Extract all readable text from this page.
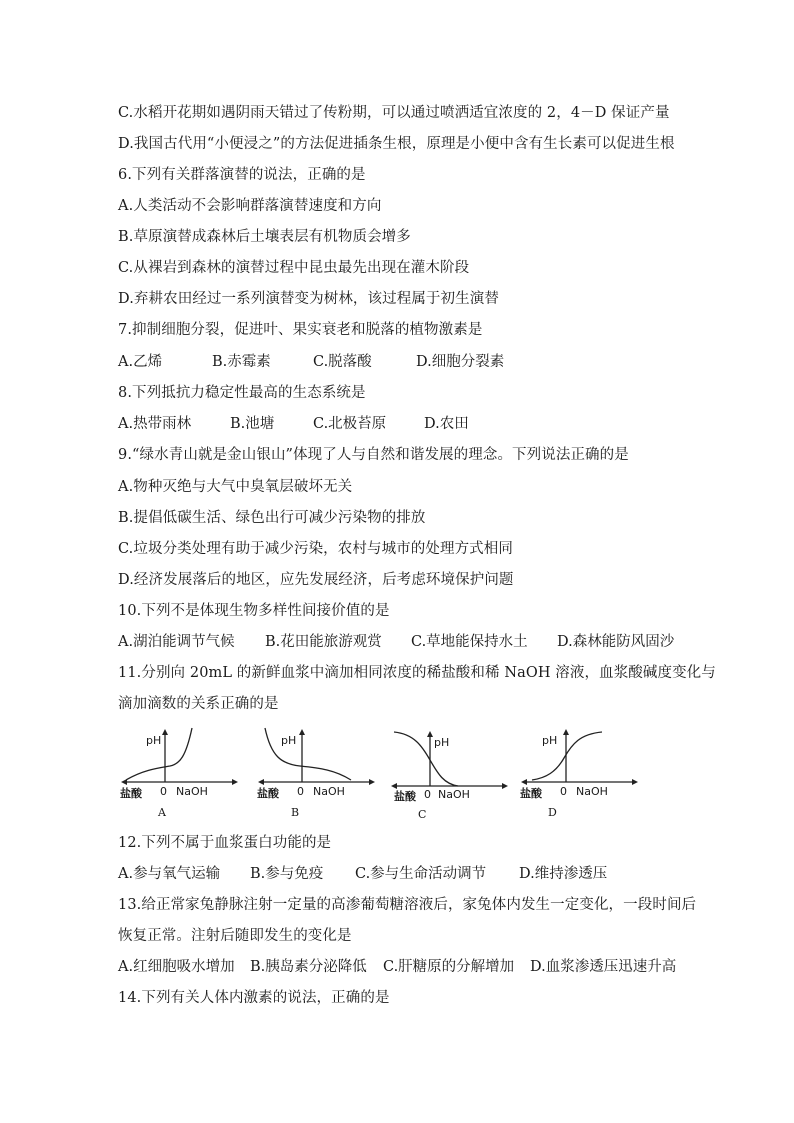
C.水稻开花期如遇阴雨天错过了传粉期，可以通过喷洒适宜浓度的 2，4－D 保证产量
D.我国古代用“小便浸之”的方法促进插条生根，原理是小便中含有生长素可以促进生根
6.下列有关群落演替的说法，正确的是
A.人类活动不会影响群落演替速度和方向
B.草原演替成森林后土壤表层有机物质会增多
C.从裸岩到森林的演替过程中昆虫最先出现在灌木阶段
D.弃耕农田经过一系列演替变为树林，该过程属于初生演替
7.抑制细胞分裂，促进叶、果实衰老和脱落的植物激素是
A.乙烯	B.赤霉素	C.脱落酸	D.细胞分裂素
8.下列抵抗力稳定性最高的生态系统是
A.热带雨林	B.池塘	C.北极苔原	D.农田
9.“绿水青山就是金山银山”体现了人与自然和谐发展的理念。下列说法正确的是
A.物种灭绝与大气中臭氧层破坏无关
B.提倡低碳生活、绿色出行可减少污染物的排放
C.垃圾分类处理有助于减少污染，农村与城市的处理方式相同
D.经济发展落后的地区，应先发展经济，后考虑环境保护问题
10.下列不是体现生物多样性间接价值的是
A.湖泊能调节气候 B.花田能旅游观赏 C.草地能保持水土 D.森林能防风固沙
11.分别向 20mL 的新鲜血浆中滴加相同浓度的稀盐酸和稀 NaOH 溶液，血浆酸碱度变化与
滴加滴数的关系正确的是
pH
盐酸 0 NaOH
A
pH
盐酸 0 NaOH
B
pH
盐酸 0 NaOH
C
pH
盐酸 0 NaOH
D
12.下列不属于血浆蛋白功能的是
A.参与氧气运输 B.参与免疫 C.参与生命活动调节 D.维持渗透压
13.给正常家兔静脉注射一定量的高渗葡萄糖溶液后，家兔体内发生一定变化，一段时间后
恢复正常。注射后随即发生的变化是
A.红细胞吸水增加 B.胰岛素分泌降低 C.肝糖原的分解增加 D.血浆渗透压迅速升高
14.下列有关人体内激素的说法，正确的是
